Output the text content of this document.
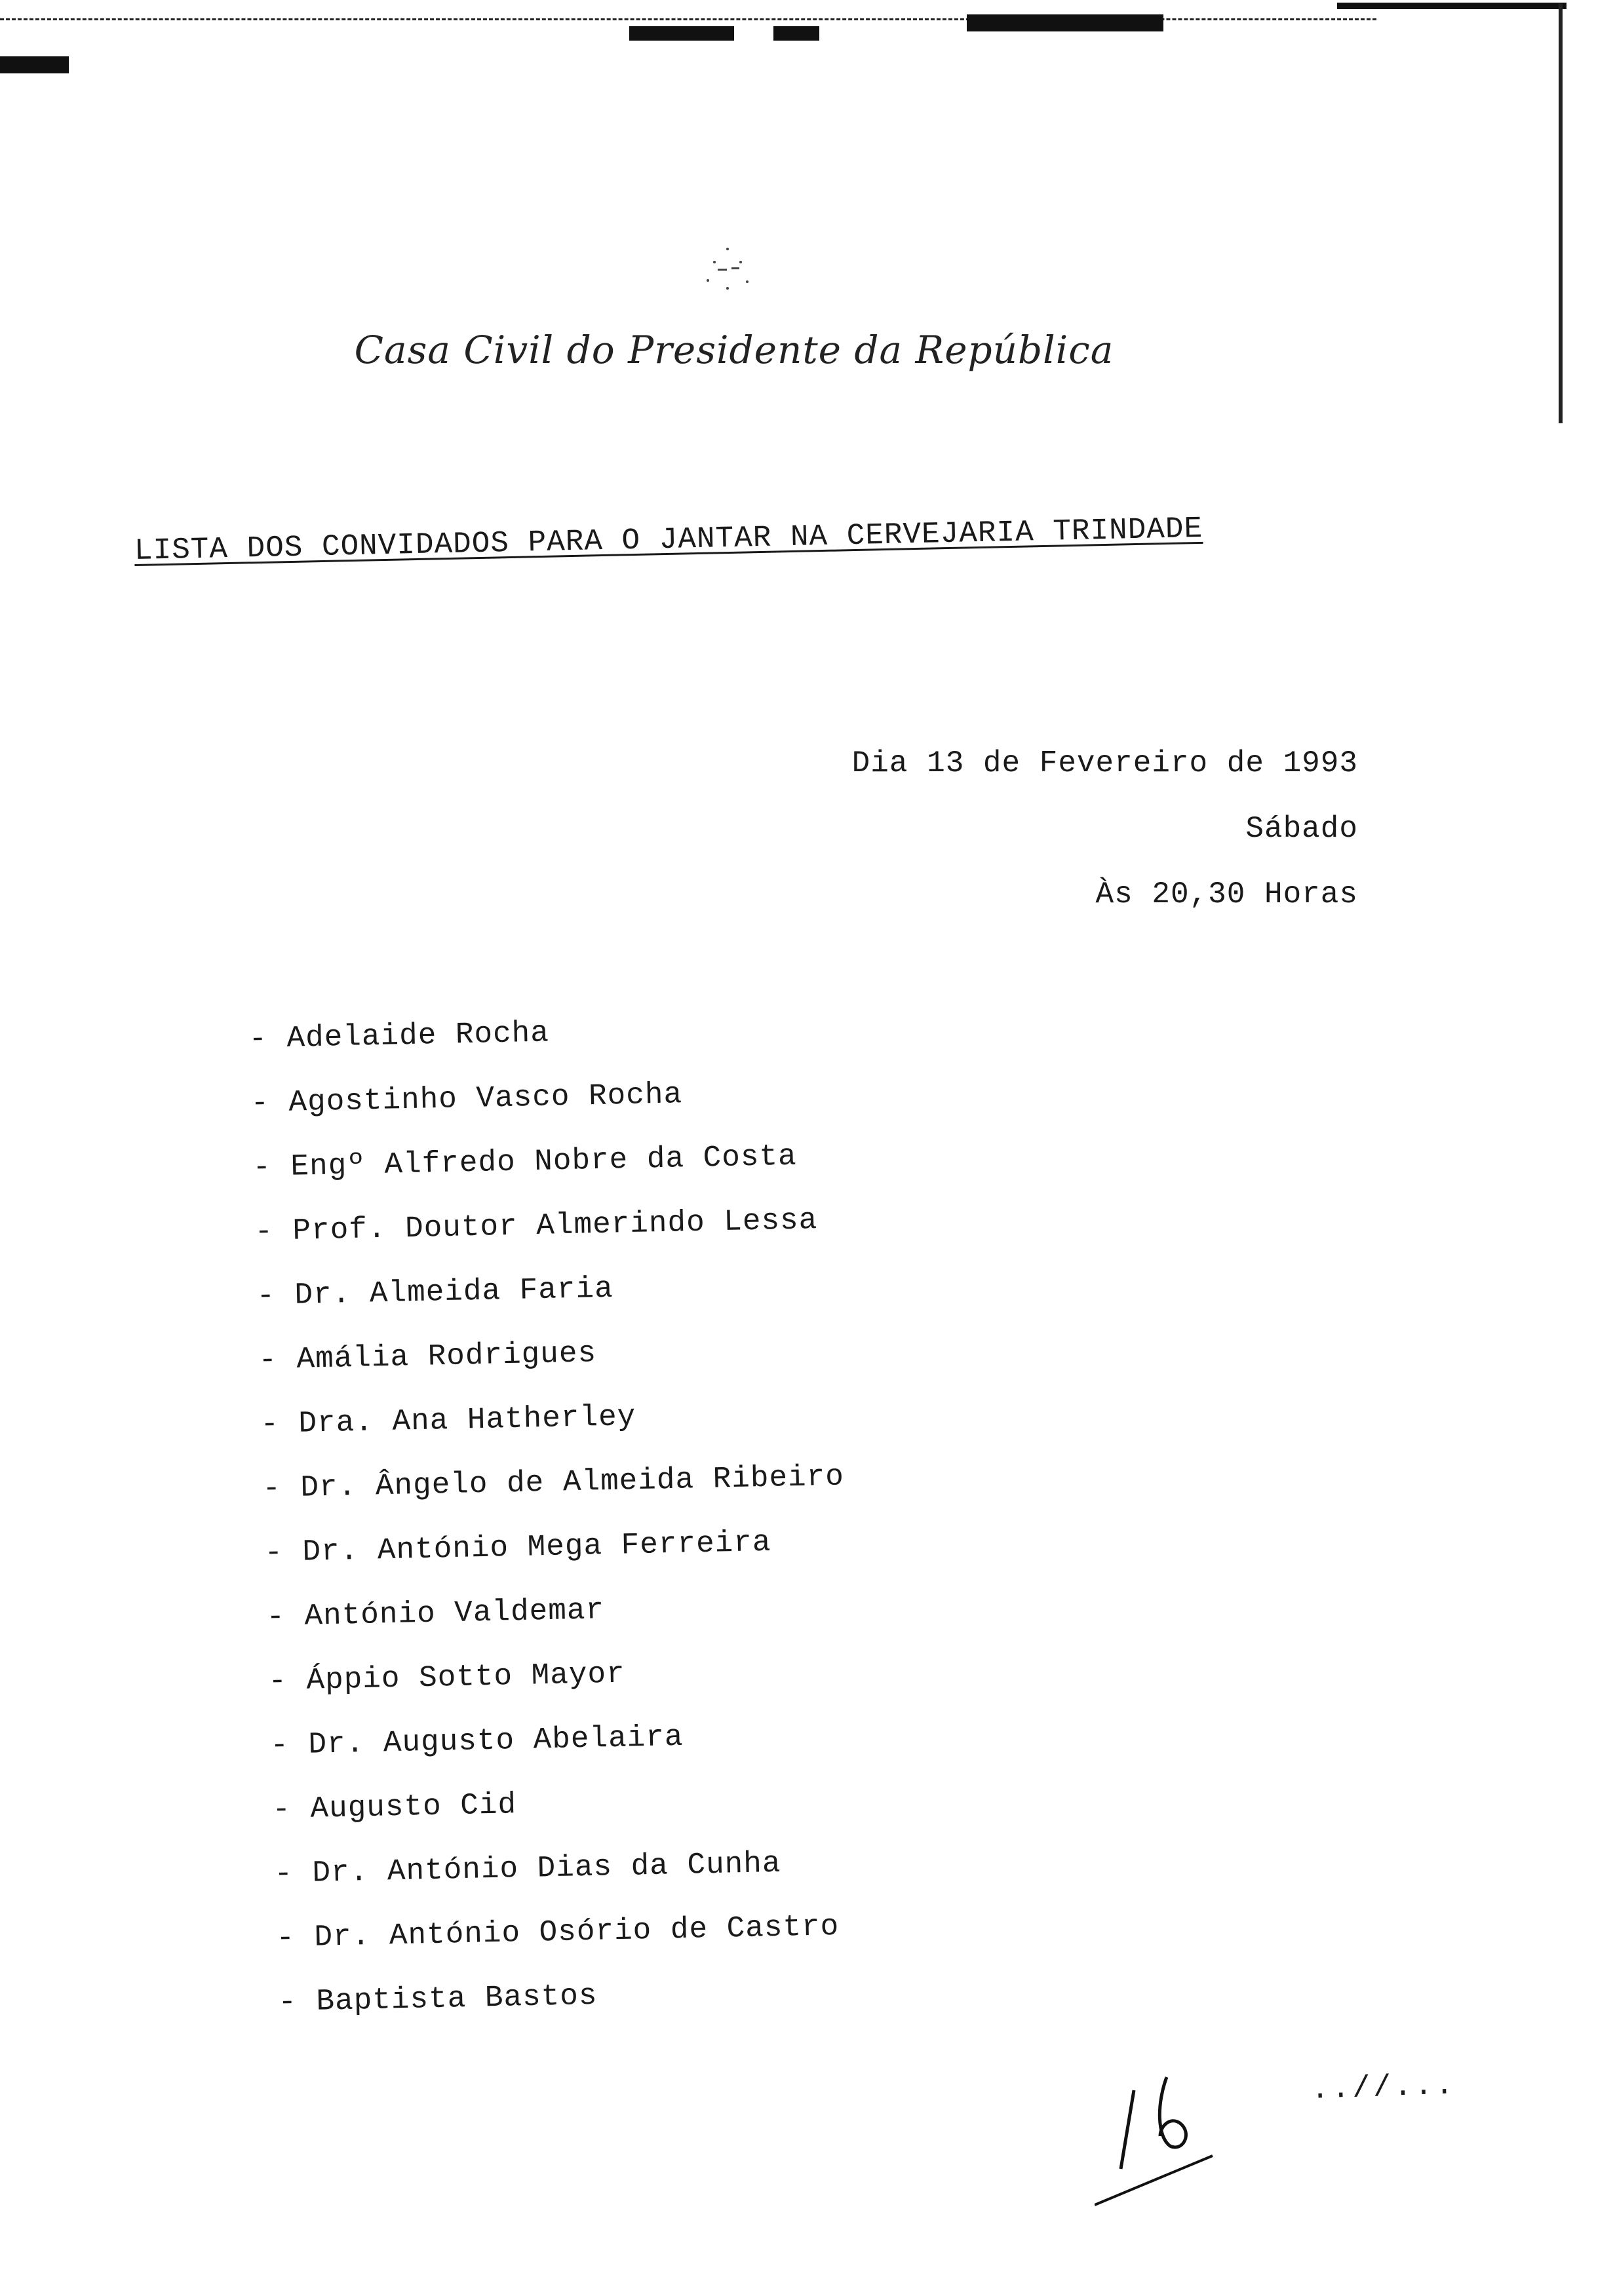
Casa Civil do Presidente da República
LISTA DOS CONVIDADOS PARA O JANTAR NA CERVEJARIA TRINDADE
Dia 13 de Fevereiro de 1993
Sábado
Às 20,30 Horas
- Adelaide Rocha
- Agostinho Vasco Rocha
- Engº Alfredo Nobre da Costa
- Prof. Doutor Almerindo Lessa
- Dr. Almeida Faria
- Amália Rodrigues
- Dra. Ana Hatherley
- Dr. Ângelo de Almeida Ribeiro
- Dr. António Mega Ferreira
- António Valdemar
- Áppio Sotto Mayor
- Dr. Augusto Abelaira
- Augusto Cid
- Dr. António Dias da Cunha
- Dr. António Osório de Castro
- Baptista Bastos
..//...
